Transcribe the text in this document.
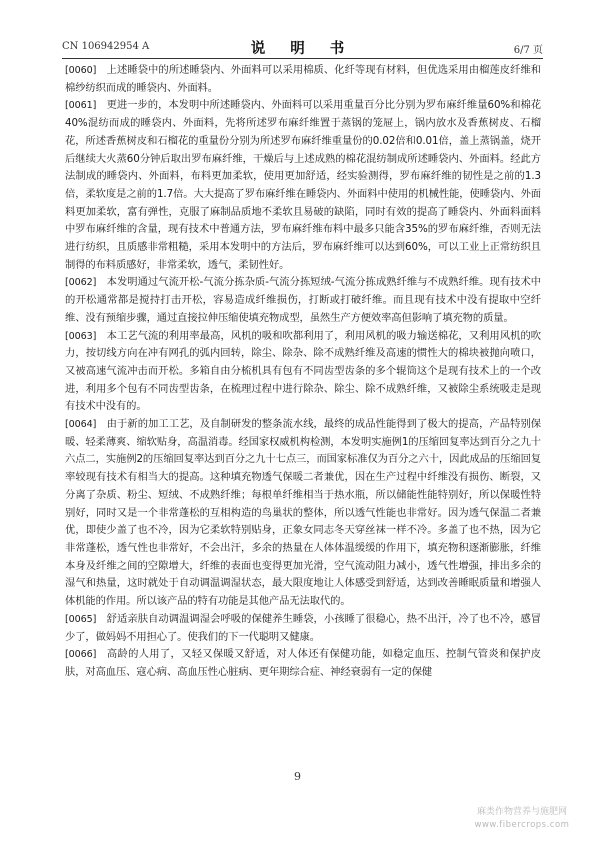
CN 106942954 A	说 明 书	6/7 页

[0060]  上述睡袋中的所述睡袋内、外面料可以采用棉质、化纤等现有材料，但优选采用由榴莲皮纤维和棉纱纺织而成的睡袋内、外面料。

[0061]  更进一步的，本发明中所述睡袋内、外面料可以采用重量百分比分别为罗布麻纤维量60%和棉花40%混纺而成的睡袋内、外面料，先将所述罗布麻纤维置于蒸锅的笼屉上，锅内放水及香蕉树皮、石榴花，所述香蕉树皮和石榴花的重量份分别为所述罗布麻纤维重量份的0.02倍和0.01倍，盖上蒸锅盖，烧开后继续大火蒸60分钟后取出罗布麻纤维，干燥后与上述成熟的棉花混纺制成所述睡袋内、外面料。经此方法制成的睡袋内、外面料，布料更加柔软，使用更加舒适，经实验测得，罗布麻纤维的韧性是之前的1.3倍，柔软度是之前的1.7倍。大大提高了罗布麻纤维在睡袋内、外面料中使用的机械性能，使睡袋内、外面料更加柔软，富有弹性，克服了麻制品质地不柔软且易破的缺陷，同时有效的提高了睡袋内、外面料面料中罗布麻纤维的含量，现有技术中普通方法，罗布麻纤维布料中最多只能含35%的罗布麻纤维，否则无法进行纺织，且质感非常粗糙，采用本发明中的方法后，罗布麻纤维可以达到60%，可以工业上正常纺织且制得的布料质感好，非常柔软，透气，柔韧性好。

[0062]  本发明通过气流开松-气流分拣杂质-气流分拣短绒-气流分拣成熟纤维与不成熟纤维。现有技术中的开松通常都是搅持打击开松，容易造成纤维损伤，打断或打破纤维。而且现有技术中没有提取中空纤维、没有预缩步骤，通过直接拉伸压缩使填充物成型，虽然生产方便效率高但影响了填充物的质量。

[0063]  本工艺气流的利用率最高，风机的吸和吹都利用了，利用风机的吸力输送棉花，又利用风机的吹力，按切线方向在冲有网孔的弧内回转，除尘、除杂、除不成熟纤维及高速的惯性大的棉块被抛向喷口，又被高速气流冲击而开松。多箱自由分梳机具有包有不同齿型齿条的多个辊筒这个是现有技术上的一个改进，利用多个包有不同齿型齿条，在梳理过程中进行除杂、除尘、除不成熟纤维，又被除尘系统吸走是现有技术中没有的。

[0064]  由于新的加工工艺，及自制研发的整条流水线，最终的成品性能得到了极大的提高，产品特别保暖、轻柔薄爽、缩软贴身，高温消毒。经国家权威机构检测，本发明实施例1的压缩回复率达到百分之九十六点二，实施例2的压缩回复率达到百分之九十七点三，而国家标准仅为百分之六十，因此成品的压缩回复率较现有技术有相当大的提高。这种填充物透气保暖二者兼优，因在生产过程中纤维没有损伤、断裂，又分离了杂质、粉尘、短绒、不成熟纤维；每根单纤维相当于热水瓶，所以储能性能特别好，所以保暖性特别好，同时又是一个非常蓬松的互相构造的鸟巢状的整体，所以透气性能也非常好。因为透气保温二者兼优，即使少盖了也不冷，因为它柔软特别贴身，正象女同志冬天穿丝袜一样不冷。多盖了也不热，因为它非常蓬松，透气性也非常好，不会出汗，多余的热量在人体体温缓缓的作用下，填充物积逐渐膨胀，纤维本身及纤维之间的空隙增大，纤维的表面也变得更加光滑，空气流动阻力减小，透气性增强，排出多余的湿气和热量，这时就处于自动调温调湿状态，最大限度地让人体感受到舒适，达到改善睡眠质量和增强人体机能的作用。所以该产品的特有功能是其他产品无法取代的。

[0065]  舒适亲肤自动调温调湿会呼吸的保健养生睡袋，小孩睡了很稳心，热不出汗，冷了也不冷，感冒少了，做妈妈不用担心了。使我们的下一代聪明又健康。

[0066]  高龄的人用了，又轻又保暖又舒适，对人体还有保健功能，如稳定血压、控制气管炎和保护皮肤，对高血压、寇心病、高血压性心脏病、更年期综合症、神经衰弱有一定的保健

9
麻类作物营养与施肥网
www.fibercrops.com
